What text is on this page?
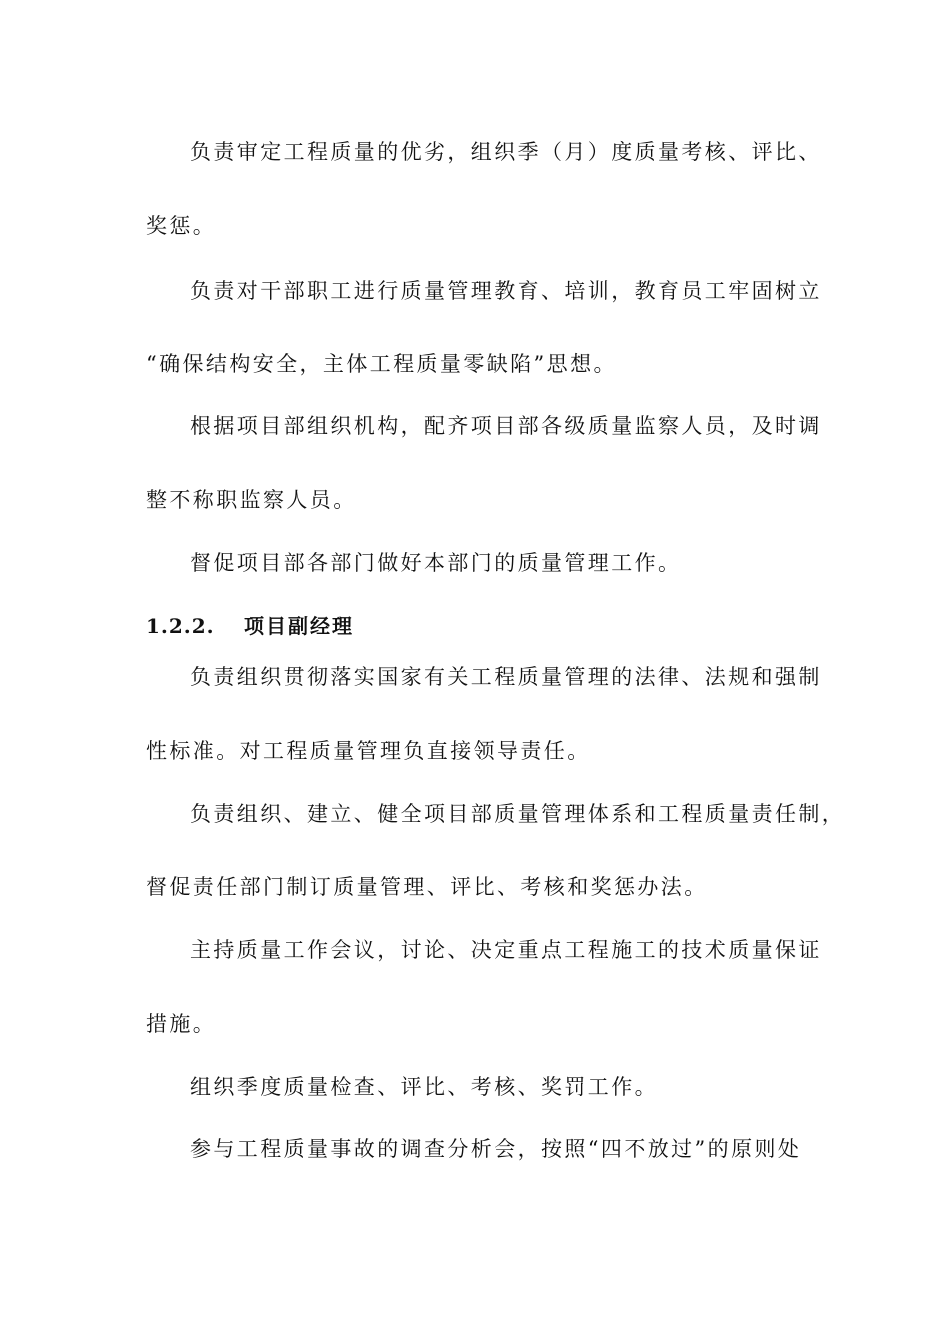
负责审定工程质量的优劣，组织季（月）度质量考核、评比、
奖惩。
负责对干部职工进行质量管理教育、培训，教育员工牢固树立
“确保结构安全，主体工程质量零缺陷”思想。
根据项目部组织机构，配齐项目部各级质量监察人员，及时调
整不称职监察人员。
督促项目部各部门做好本部门的质量管理工作。
1.2.2. 项目副经理
负责组织贯彻落实国家有关工程质量管理的法律、法规和强制
性标准。对工程质量管理负直接领导责任。
负责组织、建立、健全项目部质量管理体系和工程质量责任制，
督促责任部门制订质量管理、评比、考核和奖惩办法。
主持质量工作会议，讨论、决定重点工程施工的技术质量保证
措施。
组织季度质量检查、评比、考核、奖罚工作。
参与工程质量事故的调查分析会，按照“四不放过”的原则处
